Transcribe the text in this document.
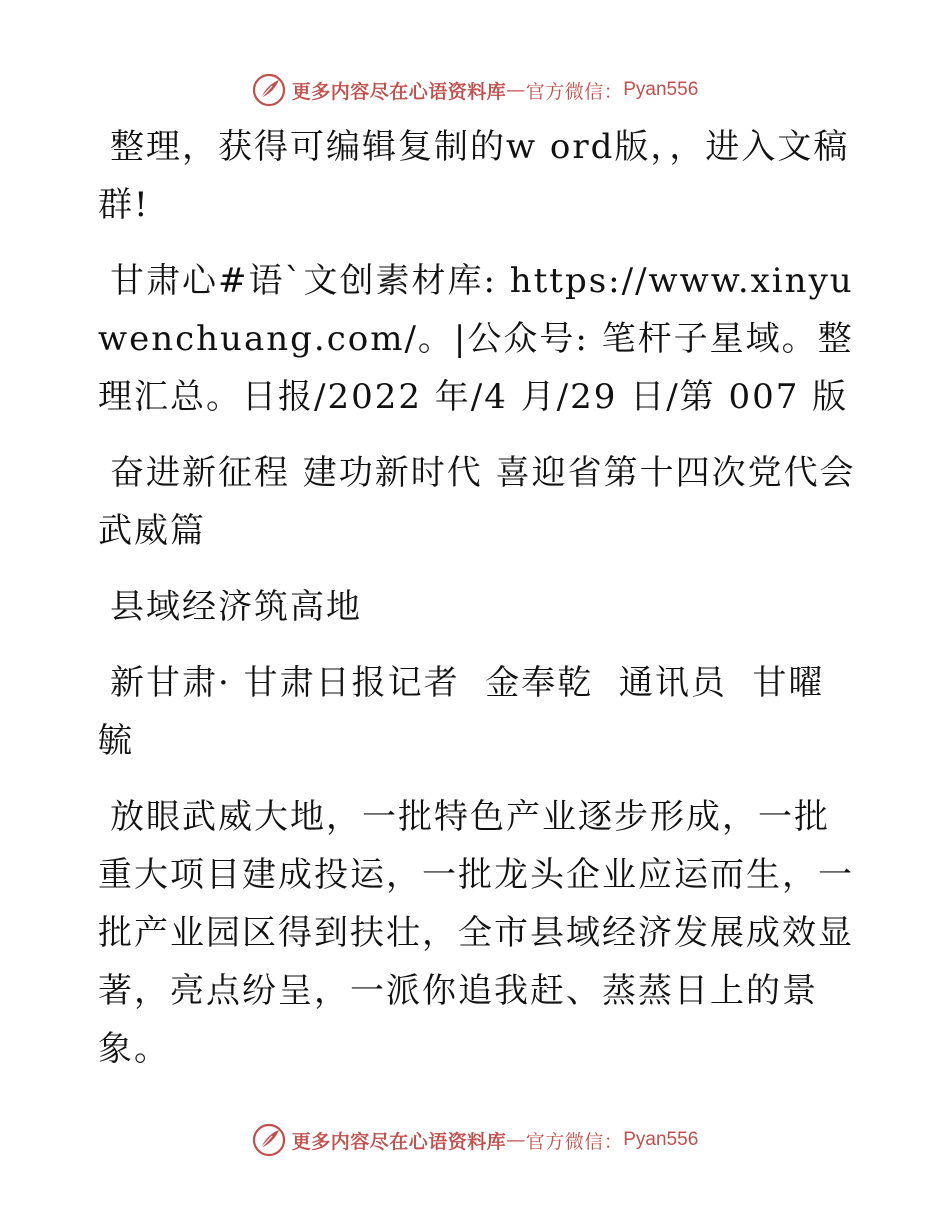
更多内容尽在心语资料库 — 官方微信： Pyan556

整理，获得可编辑复制的w ord版，，进入文稿群!

甘肃心#语`文创素材库: https://www.xinyuwenchuang.com/。|公众号: 笔杆子星域。整理汇总。日报/2022 年/4 月/29 日/第 007 版

奋进新征程 建功新时代 喜迎省第十四次党代会武威篇

县域经济筑高地

新甘肃· 甘肃日报记者  金奉乾  通讯员  甘曜毓

放眼武威大地，一批特色产业逐步形成，一批重大项目建成投运，一批龙头企业应运而生，一批产业园区得到扶壮，全市县域经济发展成效显著，亮点纷呈，一派你追我赶、蒸蒸日上的景象。

更多内容尽在心语资料库 — 官方微信： Pyan556
